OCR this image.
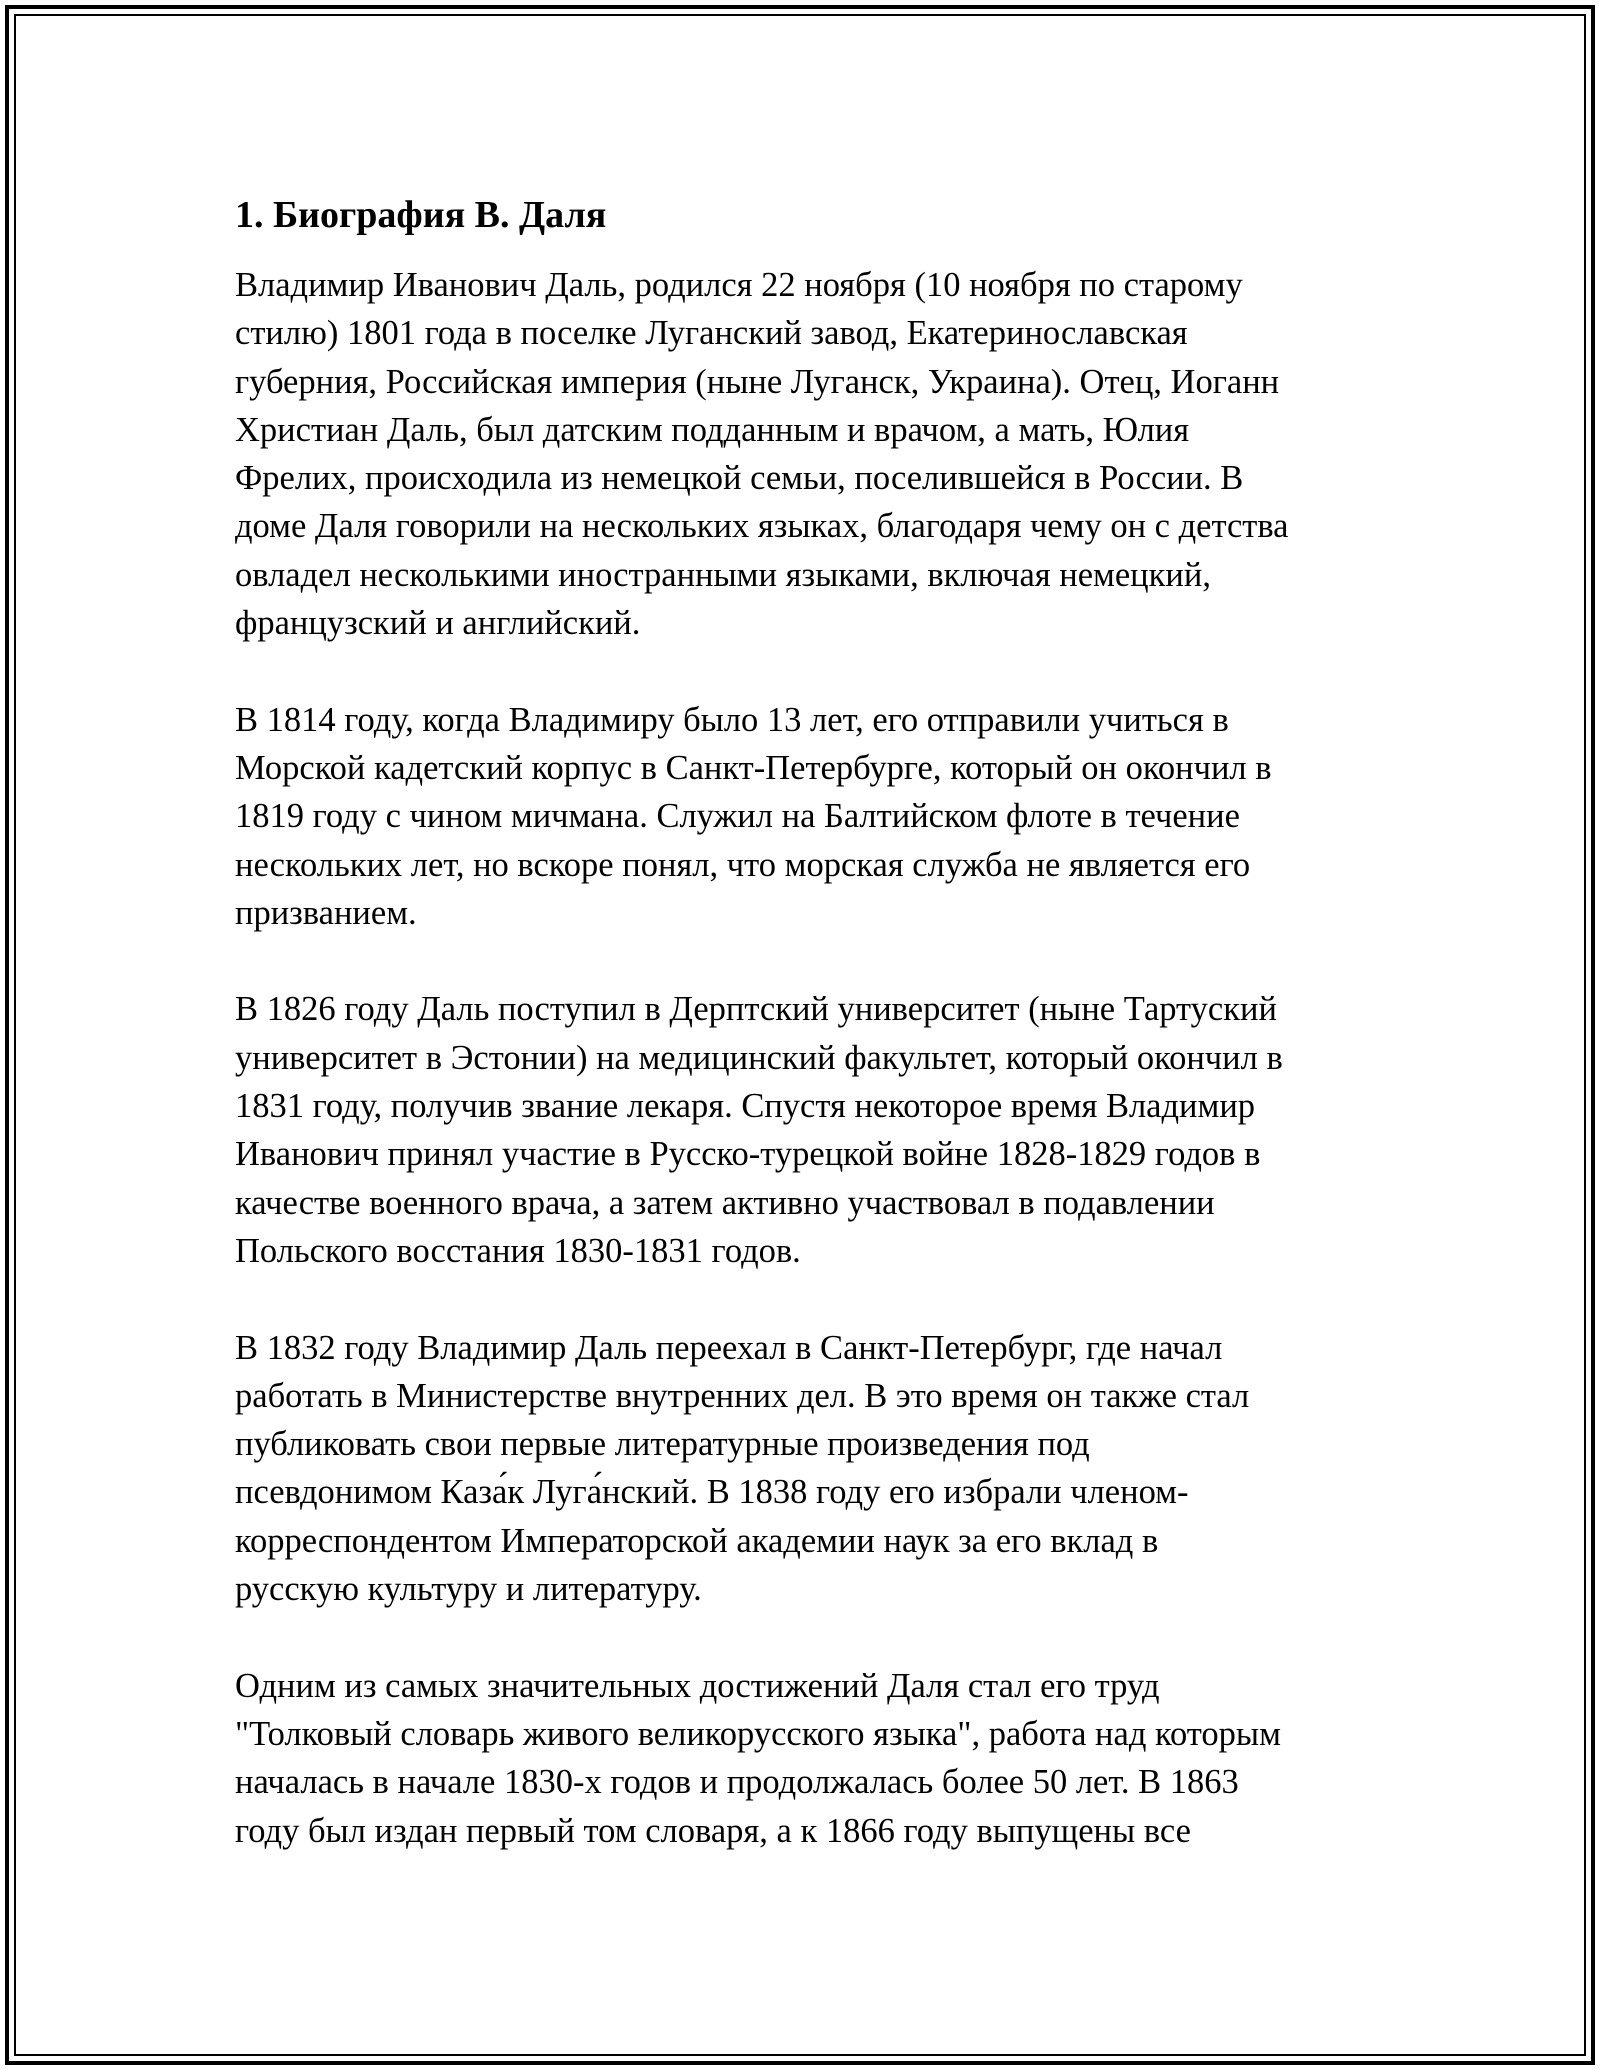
1. Биография В. Даля
Владимир Иванович Даль, родился 22 ноября (10 ноября по старому
стилю) 1801 года в поселке Луганский завод, Екатеринославская
губерния, Российская империя (ныне Луганск, Украина). Отец, Иоганн
Христиан Даль, был датским подданным и врачом, а мать, Юлия
Фрелих, происходила из немецкой семьи, поселившейся в России. В
доме Даля говорили на нескольких языках, благодаря чему он с детства
овладел несколькими иностранными языками, включая немецкий,
французский и английский.
В 1814 году, когда Владимиру было 13 лет, его отправили учиться в
Морской кадетский корпус в Санкт-Петербурге, который он окончил в
1819 году с чином мичмана. Служил на Балтийском флоте в течение
нескольких лет, но вскоре понял, что морская служба не является его
призванием.
В 1826 году Даль поступил в Дерптский университет (ныне Тартуский
университет в Эстонии) на медицинский факультет, который окончил в
1831 году, получив звание лекаря. Спустя некоторое время Владимир
Иванович принял участие в Русско-турецкой войне 1828-1829 годов в
качестве военного врача, а затем активно участвовал в подавлении
Польского восстания 1830-1831 годов.
В 1832 году Владимир Даль переехал в Санкт-Петербург, где начал
работать в Министерстве внутренних дел. В это время он также стал
публиковать свои первые литературные произведения под
псевдонимом Каза́к Луга́нский. В 1838 году его избрали членом-
корреспондентом Императорской академии наук за его вклад в
русскую культуру и литературу.
Одним из самых значительных достижений Даля стал его труд
"Толковый словарь живого великорусского языка", работа над которым
началась в начале 1830-х годов и продолжалась более 50 лет. В 1863
году был издан первый том словаря, а к 1866 году выпущены все
